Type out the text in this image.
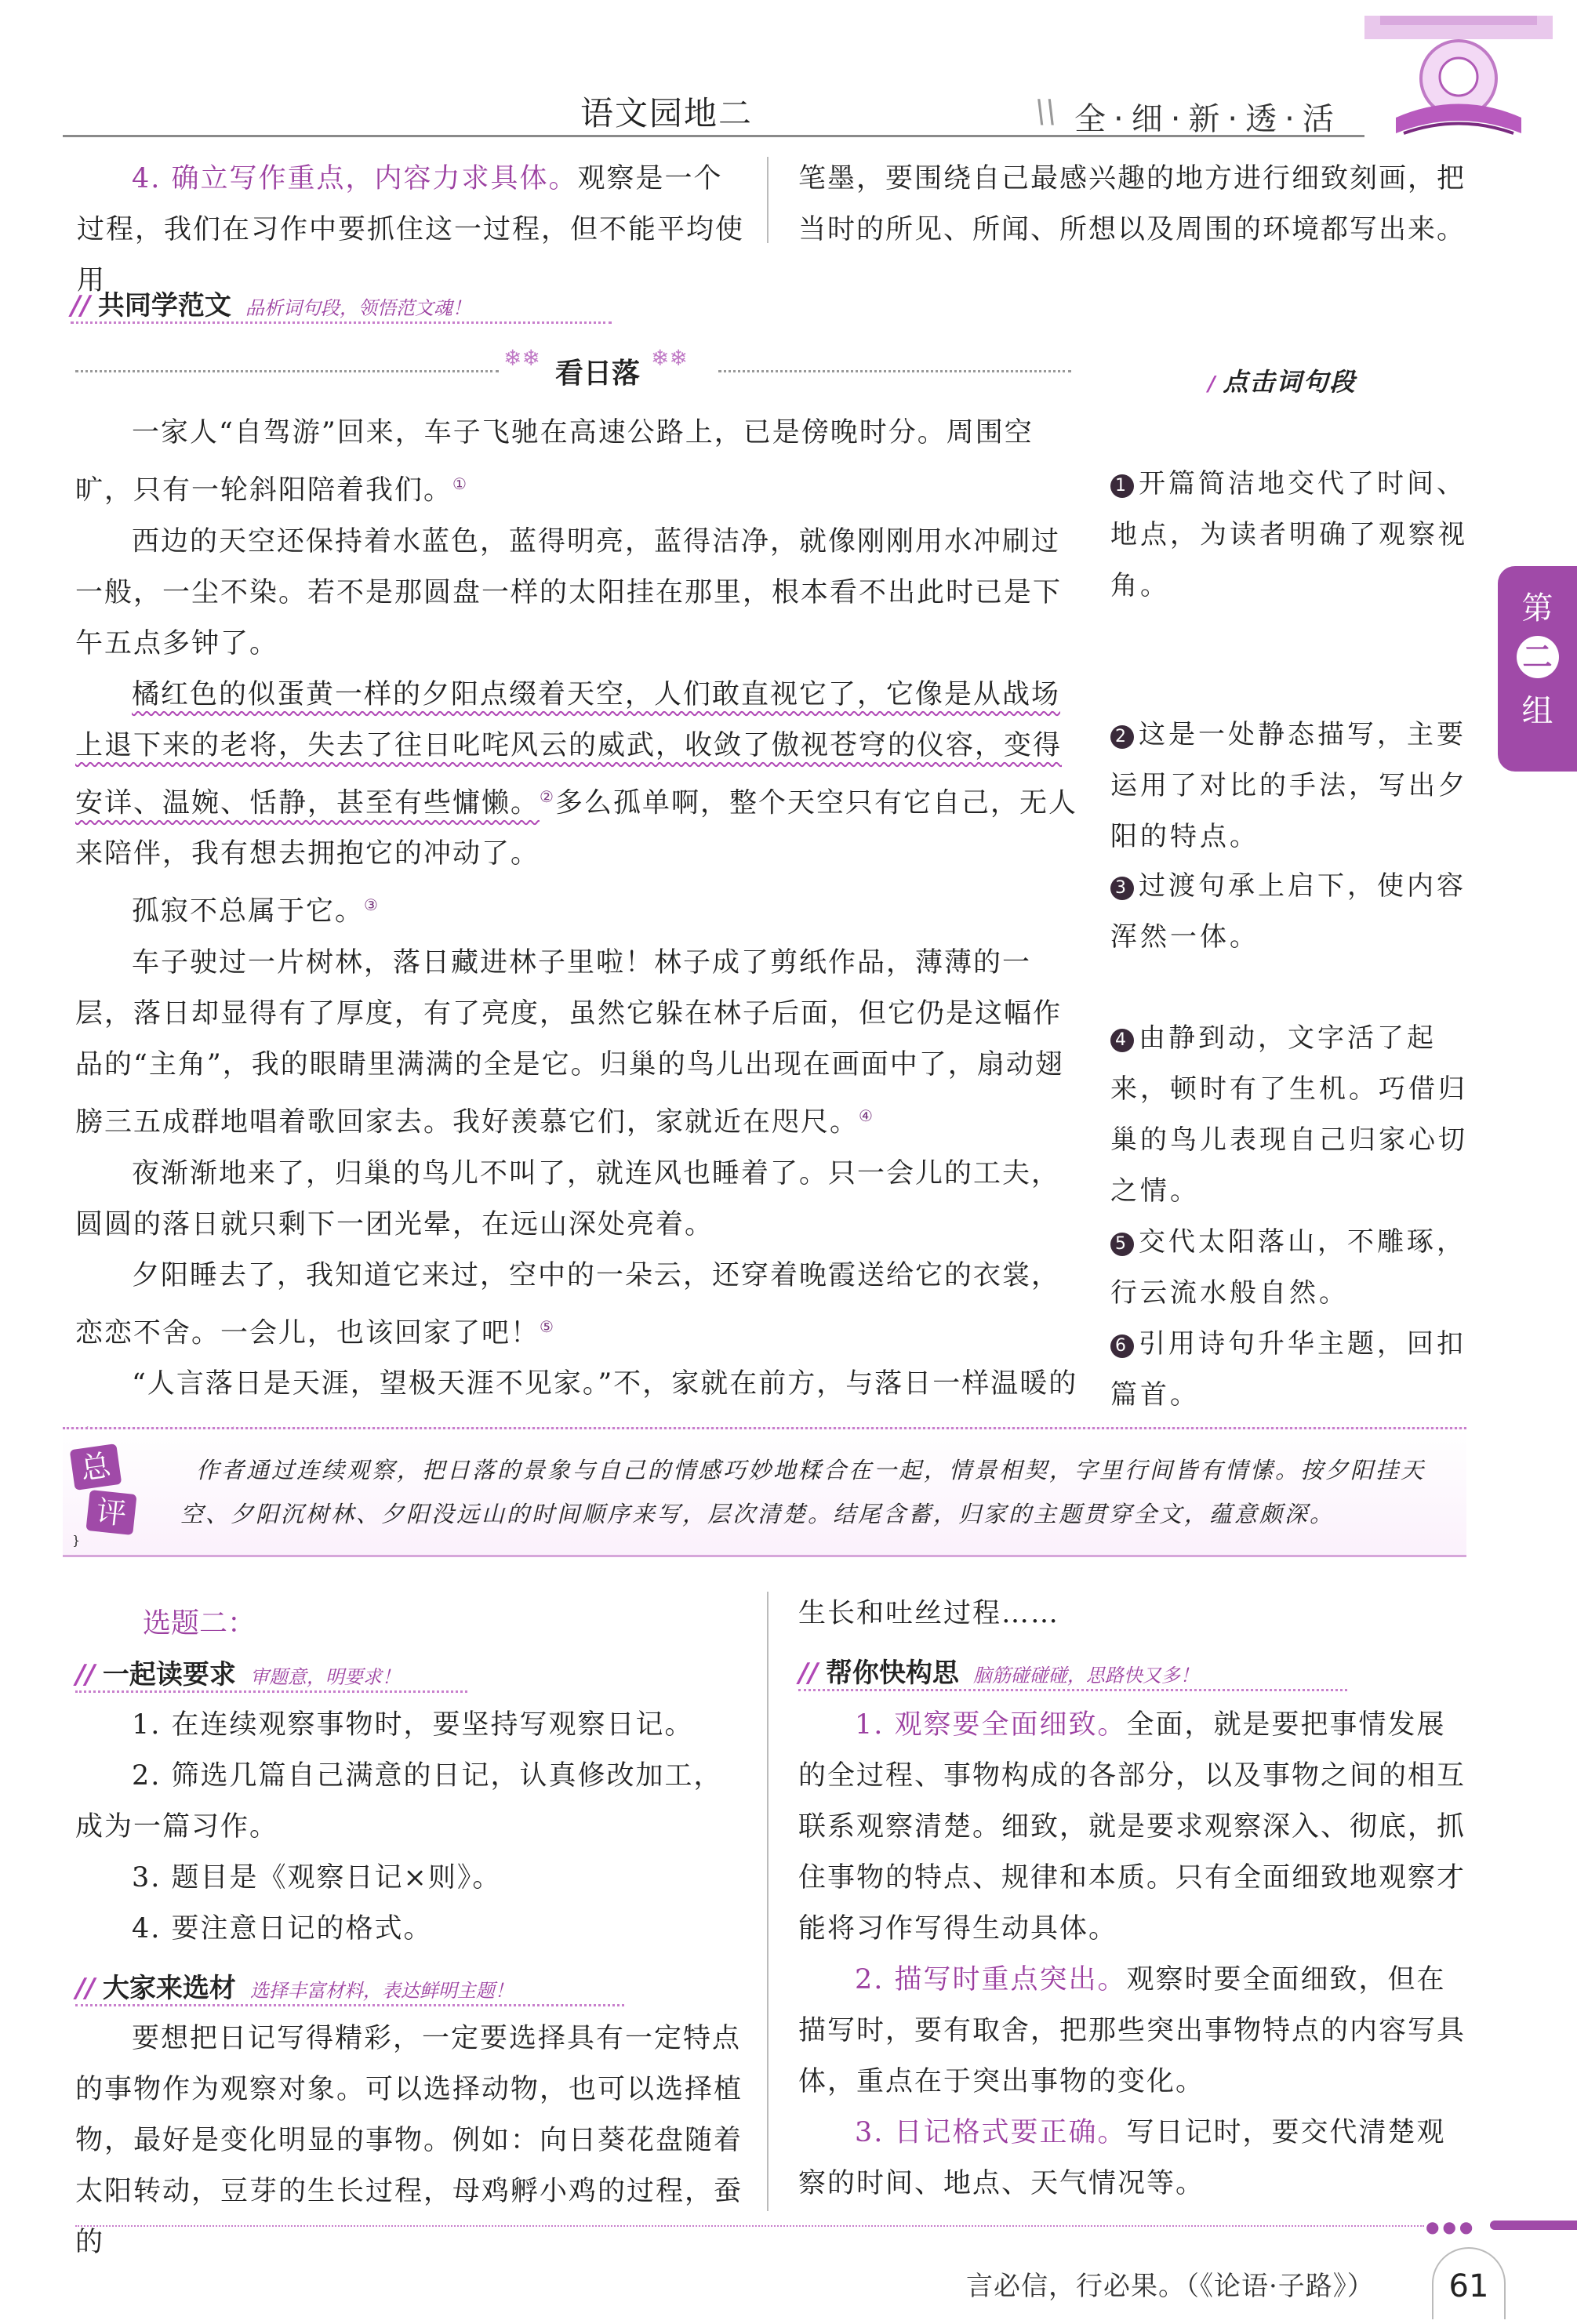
语文园地二	\\ 全·细·新·透·活
4. 确立写作重点，内容力求具体。观察是一个过程，我们在习作中要抓住这一过程，但不能平均使用
笔墨，要围绕自己最感兴趣的地方进行细致刻画，把当时的所见、所闻、所想以及周围的环境都写出来。
// 共同学范文 品析词句段，领悟范文魂！
❄❄ 看日落 ❄❄
/ 点击词句段
一家人“自驾游”回来，车子飞驰在高速公路上，已是傍晚时分。周围空旷，只有一轮斜阳陪着我们。①
西边的天空还保持着水蓝色，蓝得明亮，蓝得洁净，就像刚刚用水冲刷过一般，一尘不染。若不是那圆盘一样的太阳挂在那里，根本看不出此时已是下午五点多钟了。
橘红色的似蛋黄一样的夕阳点缀着天空，人们敢直视它了，它像是从战场上退下来的老将，失去了往日叱咤风云的威武，收敛了傲视苍穹的仪容，变得安详、温婉、恬静，甚至有些慵懒。②多么孤单啊，整个天空只有它自己，无人来陪伴，我有想去拥抱它的冲动了。
孤寂不总属于它。③
车子驶过一片树林，落日藏进林子里啦！林子成了剪纸作品，薄薄的一层，落日却显得有了厚度，有了亮度，虽然它躲在林子后面，但它仍是这幅作品的“主角”，我的眼睛里满满的全是它。归巢的鸟儿出现在画面中了，扇动翅膀三五成群地唱着歌回家去。我好羡慕它们，家就近在咫尺。④
夜渐渐地来了，归巢的鸟儿不叫了，就连风也睡着了。只一会儿的工夫，圆圆的落日就只剩下一团光晕，在远山深处亮着。
夕阳睡去了，我知道它来过，空中的一朵云，还穿着晚霞送给它的衣裳，恋恋不舍。一会儿，也该回家了吧！⑤
“人言落日是天涯，望极天涯不见家。”不，家就在前方，与落日一样温暖的
1 开篇简洁地交代了时间、地点，为读者明确了观察视角。
2 这是一处静态描写，主要运用了对比的手法，写出夕阳的特点。
3 过渡句承上启下，使内容浑然一体。
4 由静到动，文字活了起来，顿时有了生机。巧借归巢的鸟儿表现自己归家心切之情。
5 交代太阳落山，不雕琢，行云流水般自然。
6 引用诗句升华主题，回扣篇首。
第
二
组
总
评
}
作者通过连续观察，把日落的景象与自己的情感巧妙地糅合在一起，情景相契，字里行间皆有情愫。按夕阳挂天空、夕阳沉树林、夕阳没远山的时间顺序来写，层次清楚。结尾含蓄，归家的主题贯穿全文，蕴意颇深。
选题二：
// 一起读要求 审题意，明要求！
1. 在连续观察事物时，要坚持写观察日记。
2. 筛选几篇自己满意的日记，认真修改加工，成为一篇习作。
3. 题目是《观察日记×则》。
4. 要注意日记的格式。
// 大家来选材 选择丰富材料，表达鲜明主题！
要想把日记写得精彩，一定要选择具有一定特点的事物作为观察对象。可以选择动物，也可以选择植物，最好是变化明显的事物。例如：向日葵花盘随着太阳转动，豆芽的生长过程，母鸡孵小鸡的过程，蚕的
生长和吐丝过程……
// 帮你快构思 脑筋碰碰碰，思路快又多！
1. 观察要全面细致。全面，就是要把事情发展的全过程、事物构成的各部分，以及事物之间的相互联系观察清楚。细致，就是要求观察深入、彻底，抓住事物的特点、规律和本质。只有全面细致地观察才能将习作写得生动具体。
2. 描写时重点突出。观察时要全面细致，但在描写时，要有取舍，把那些突出事物特点的内容写具体，重点在于突出事物的变化。
3. 日记格式要正确。写日记时，要交代清楚观察的时间、地点、天气情况等。
●●●
言必信，行必果。（《论语·子路》）	61
